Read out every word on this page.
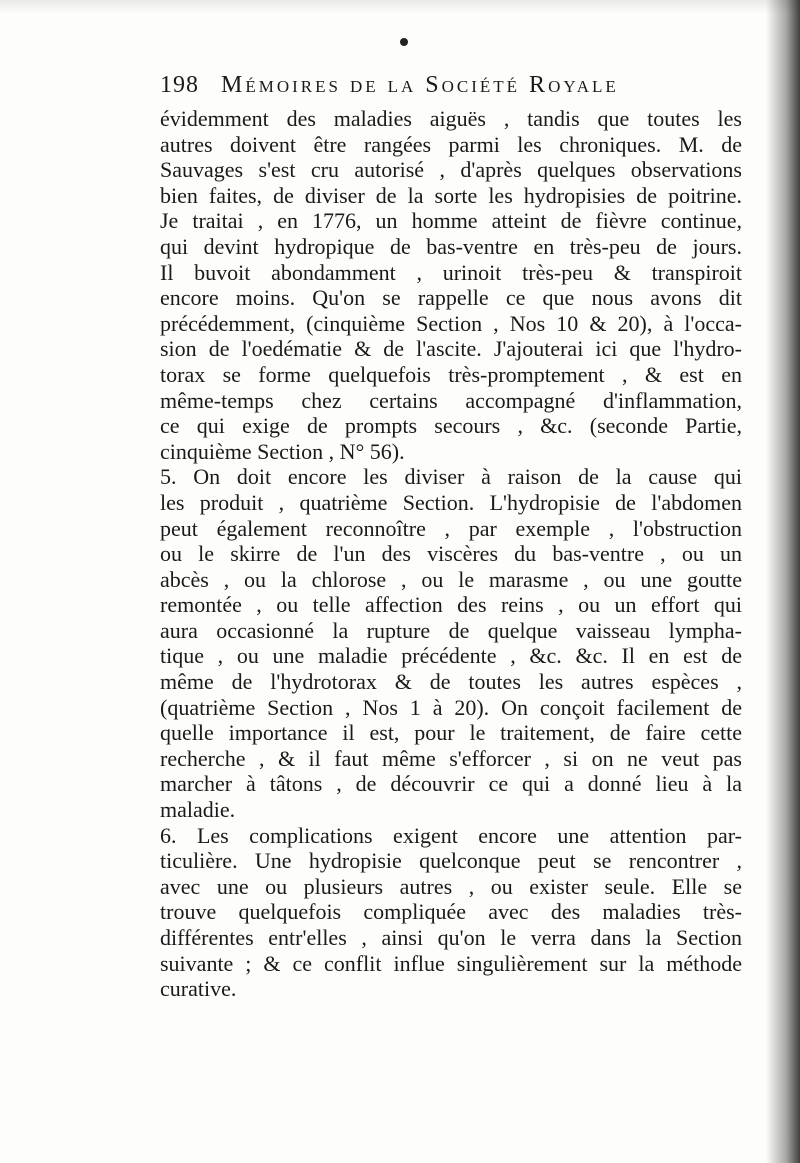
198 Mémoires de la Société Royale
évidemment des maladies aiguës , tandis que toutes les
autres doivent être rangées parmi les chroniques. M. de
Sauvages s'est cru autorisé , d'après quelques observations
bien faites, de diviser de la sorte les hydropisies de poitrine.
Je traitai , en 1776, un homme atteint de fièvre continue,
qui devint hydropique de bas-ventre en très-peu de jours.
Il buvoit abondamment , urinoit très-peu & transpiroit
encore moins. Qu'on se rappelle ce que nous avons dit
précédemment, (cinquième Section , Nos 10 & 20), à l'occa-
sion de l'oedématie & de l'ascite. J'ajouterai ici que l'hydro-
torax se forme quelquefois très-promptement , & est en
même-temps chez certains accompagné d'inflammation,
ce qui exige de prompts secours , &c. (seconde Partie,
cinquième Section , N° 56).
5. On doit encore les diviser à raison de la cause qui
les produit , quatrième Section. L'hydropisie de l'abdomen
peut également reconnoître , par exemple , l'obstruction
ou le skirre de l'un des viscères du bas-ventre , ou un
abcès , ou la chlorose , ou le marasme , ou une goutte
remontée , ou telle affection des reins , ou un effort qui
aura occasionné la rupture de quelque vaisseau lympha-
tique , ou une maladie précédente , &c. &c. Il en est de
même de l'hydrotorax & de toutes les autres espèces ,
(quatrième Section , Nos 1 à 20). On conçoit facilement de
quelle importance il est, pour le traitement, de faire cette
recherche , & il faut même s'efforcer , si on ne veut pas
marcher à tâtons , de découvrir ce qui a donné lieu à la
maladie.
6. Les complications exigent encore une attention par-
ticulière. Une hydropisie quelconque peut se rencontrer ,
avec une ou plusieurs autres , ou exister seule. Elle se
trouve quelquefois compliquée avec des maladies très-
différentes entr'elles , ainsi qu'on le verra dans la Section
suivante ; & ce conflit influe singulièrement sur la méthode
curative.
